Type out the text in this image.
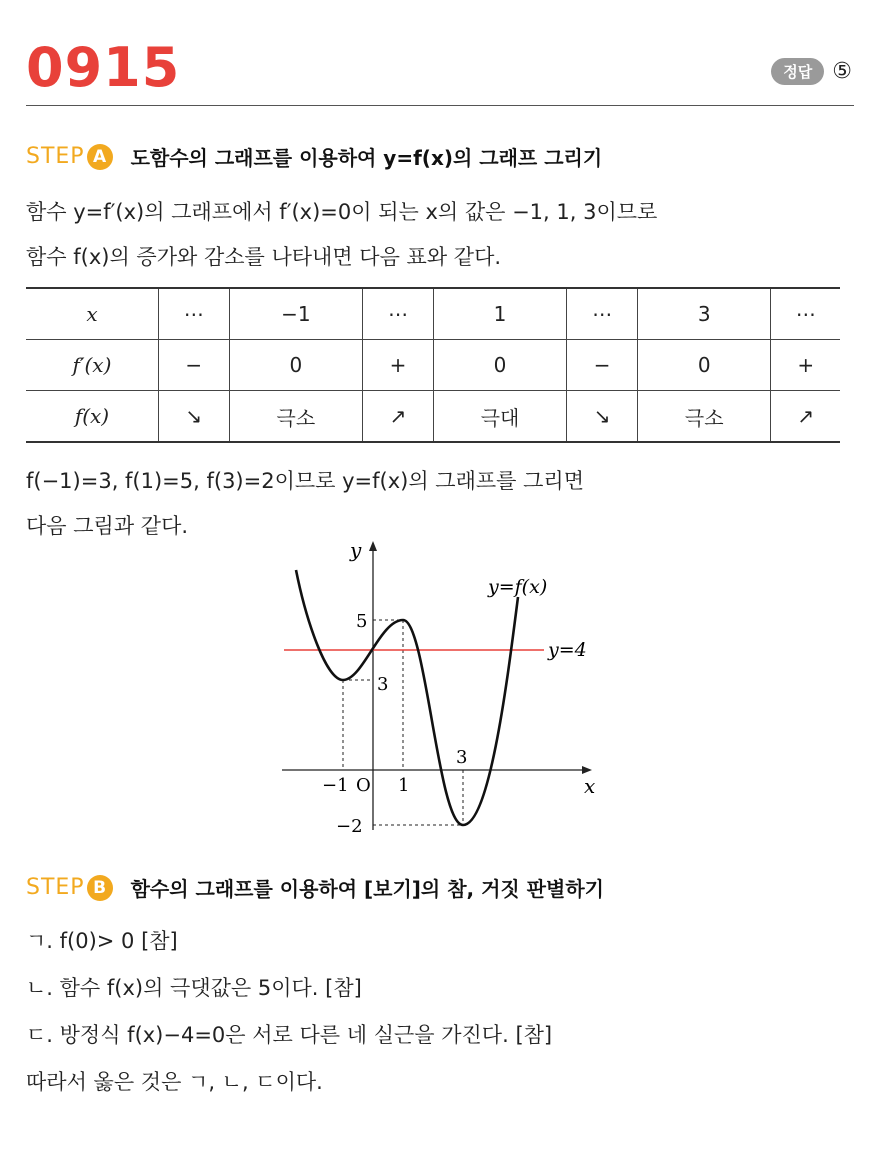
0915	정답 ⑤
STEP A	도함수의 그래프를 이용하여 y=f(x)의 그래프 그리기
함수 y=f′(x)의 그래프에서 f′(x)=0이 되는 x의 값은 −1, 1, 3이므로
함수 f(x)의 증가와 감소를 나타내면 다음 표와 같다.
x	⋯	−1	⋯	1	⋯	3	⋯
f′(x)	−	0	+	0	−	0	+
f(x)	↘	극소	↗	극대	↘	극소	↗
f(−1)=3, f(1)=5, f(3)=2이므로 y=f(x)의 그래프를 그리면
다음 그림과 같다.
y
x
y=f(x)
y=4
5
3
3
−1 O 1
−2
STEP B	함수의 그래프를 이용하여 [보기]의 참, 거짓 판별하기
ㄱ. f(0)> 0 [참]
ㄴ. 함수 f(x)의 극댓값은 5이다. [참]
ㄷ. 방정식 f(x)−4=0은 서로 다른 네 실근을 가진다. [참]
따라서 옳은 것은 ㄱ, ㄴ, ㄷ이다.
